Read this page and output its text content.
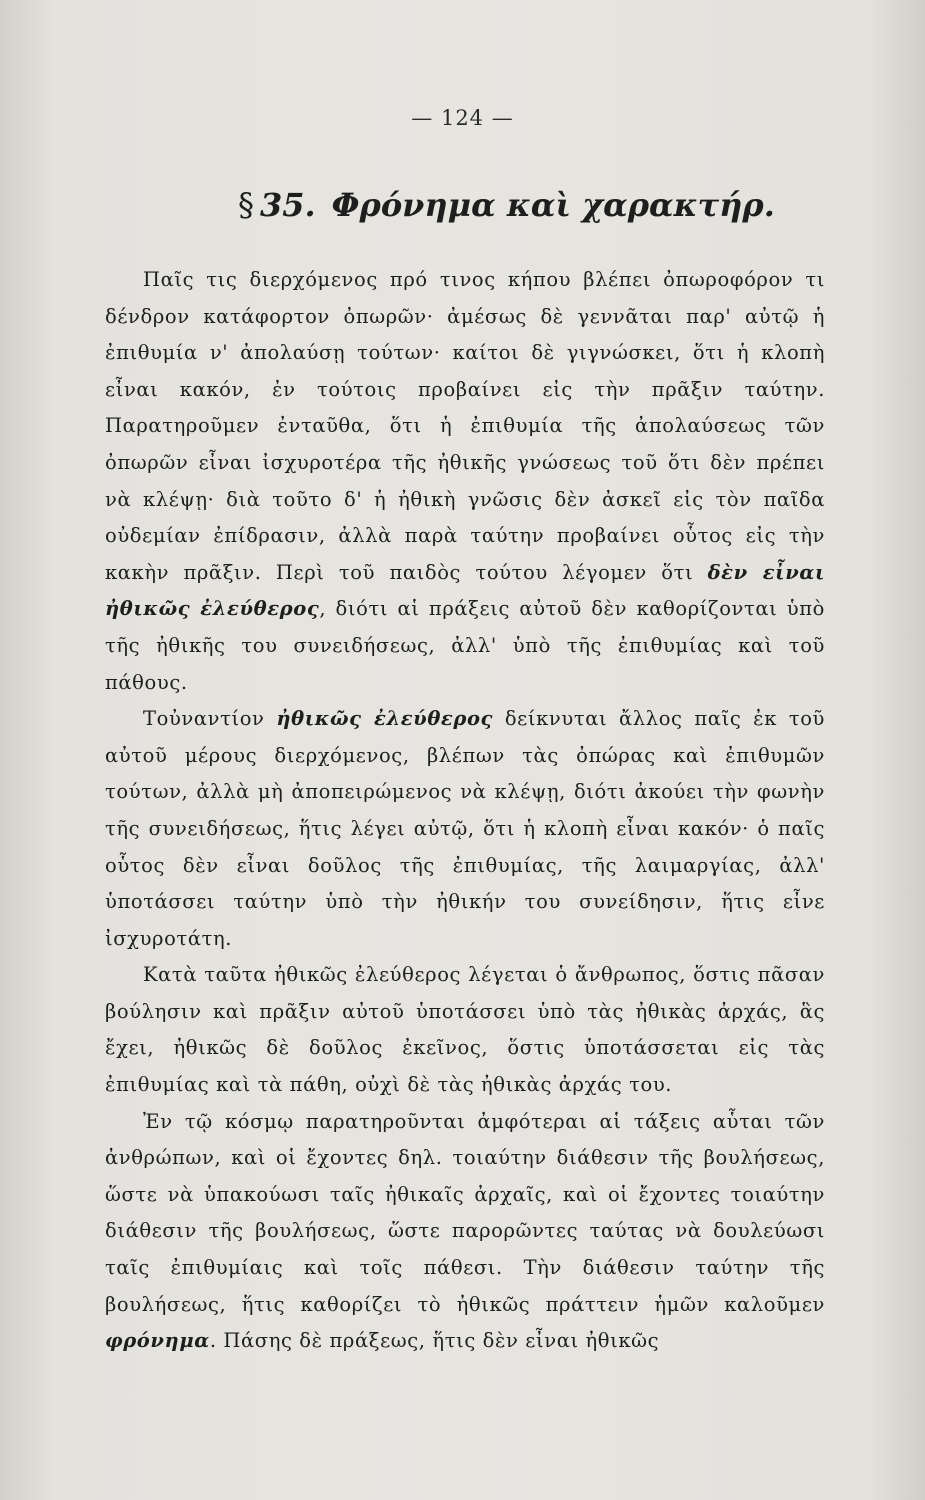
— 124 —
§ 35. Φρόνημα καὶ χαρακτήρ.

Παῖς τις διερχόμενος πρό τινος κήπου βλέπει ὀπωροφόρον τι δένδρον κατάφορτον ὀπωρῶν· ἀμέσως δὲ γεννᾶται παρ' αὐτῷ ἡ ἐπιθυμία ν' ἀπολαύσῃ τούτων· καίτοι δὲ γιγνώσκει, ὅτι ἡ κλοπὴ εἶναι κακόν, ἐν τούτοις προβαίνει εἰς τὴν πρᾶξιν ταύτην. Παρατηροῦμεν ἐνταῦθα, ὅτι ἡ ἐπιθυμία τῆς ἀπολαύσεως τῶν ὀπωρῶν εἶναι ἰσχυροτέρα τῆς ἠθικῆς γνώσεως τοῦ ὅτι δὲν πρέπει νὰ κλέψῃ· διὰ τοῦτο δ' ἡ ἠθικὴ γνῶσις δὲν ἀσκεῖ εἰς τὸν παῖδα οὐδεμίαν ἐπίδρασιν, ἀλλὰ παρὰ ταύτην προβαίνει οὗτος εἰς τὴν κακὴν πρᾶξιν. Περὶ τοῦ παιδὸς τούτου λέγομεν ὅτι δὲν εἶναι ἠθικῶς ἐλεύθερος, διότι αἱ πράξεις αὐτοῦ δὲν καθορίζονται ὑπὸ τῆς ἠθικῆς του συνειδήσεως, ἀλλ' ὑπὸ τῆς ἐπιθυμίας καὶ τοῦ πάθους.

Τοὐναντίον ἠθικῶς ἐλεύθερος δείκνυται ἄλλος παῖς ἐκ τοῦ αὐτοῦ μέρους διερχόμενος, βλέπων τὰς ὀπώρας καὶ ἐπιθυμῶν τούτων, ἀλλὰ μὴ ἀποπειρώμενος νὰ κλέψῃ, διότι ἀκούει τὴν φωνὴν τῆς συνειδήσεως, ἥτις λέγει αὐτῷ, ὅτι ἡ κλοπὴ εἶναι κακόν· ὁ παῖς οὗτος δὲν εἶναι δοῦλος τῆς ἐπιθυμίας, τῆς λαιμαργίας, ἀλλ' ὑποτάσσει ταύτην ὑπὸ τὴν ἠθικήν του συνείδησιν, ἥτις εἶνε ἰσχυροτάτη.

Κατὰ ταῦτα ἠθικῶς ἐλεύθερος λέγεται ὁ ἄνθρωπος, ὅστις πᾶσαν βούλησιν καὶ πρᾶξιν αὐτοῦ ὑποτάσσει ὑπὸ τὰς ἠθικὰς ἀρχάς, ἃς ἔχει, ἠθικῶς δὲ δοῦλος ἐκεῖνος, ὅστις ὑποτάσσεται εἰς τὰς ἐπιθυμίας καὶ τὰ πάθη, οὐχὶ δὲ τὰς ἠθικὰς ἀρχάς του.

Ἐν τῷ κόσμῳ παρατηροῦνται ἀμφότεραι αἱ τάξεις αὗται τῶν ἀνθρώπων, καὶ οἱ ἔχοντες δηλ. τοιαύτην διάθεσιν τῆς βουλήσεως, ὥστε νὰ ὑπακούωσι ταῖς ἠθικαῖς ἀρχαῖς, καὶ οἱ ἔχοντες τοιαύτην διάθεσιν τῆς βουλήσεως, ὥστε παρορῶντες ταύτας νὰ δουλεύωσι ταῖς ἐπιθυμίαις καὶ τοῖς πάθεσι. Τὴν διάθεσιν ταύτην τῆς βουλήσεως, ἥτις καθορίζει τὸ ἠθικῶς πράττειν ἡμῶν καλοῦμεν φρόνημα. Πάσης δὲ πράξεως, ἥτις δὲν εἶναι ἠθικῶς
